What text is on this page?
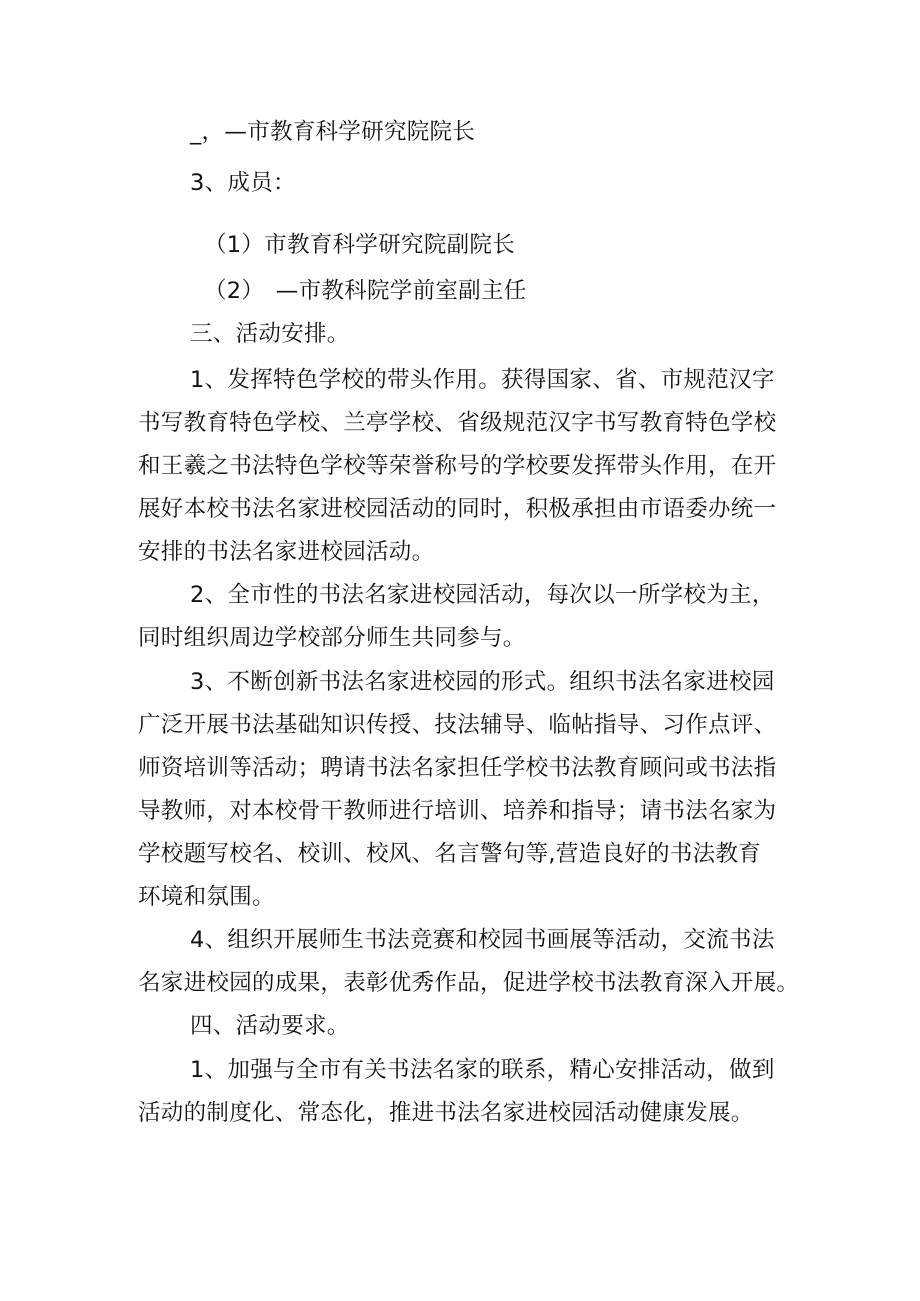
_，—市教育科学研究院院长
3、成员：
（1）市教育科学研究院副院长
（2）　—市教科院学前室副主任
三、活动安排。
1、发挥特色学校的带头作用。获得国家、省、市规范汉字
书写教育特色学校、兰亭学校、省级规范汉字书写教育特色学校
和王羲之书法特色学校等荣誉称号的学校要发挥带头作用，在开
展好本校书法名家进校园活动的同时，积极承担由市语委办统一
安排的书法名家进校园活动。
2、全市性的书法名家进校园活动，每次以一所学校为主，
同时组织周边学校部分师生共同参与。
3、不断创新书法名家进校园的形式。组织书法名家进校园
广泛开展书法基础知识传授、技法辅导、临帖指导、习作点评、
师资培训等活动；聘请书法名家担任学校书法教育顾问或书法指
导教师，对本校骨干教师进行培训、培养和指导；请书法名家为
学校题写校名、校训、校风、名言警句等,营造良好的书法教育
环境和氛围。
4、组织开展师生书法竞赛和校园书画展等活动，交流书法
名家进校园的成果，表彰优秀作品，促进学校书法教育深入开展。
四、活动要求。
1、加强与全市有关书法名家的联系，精心安排活动，做到
活动的制度化、常态化，推进书法名家进校园活动健康发展。
